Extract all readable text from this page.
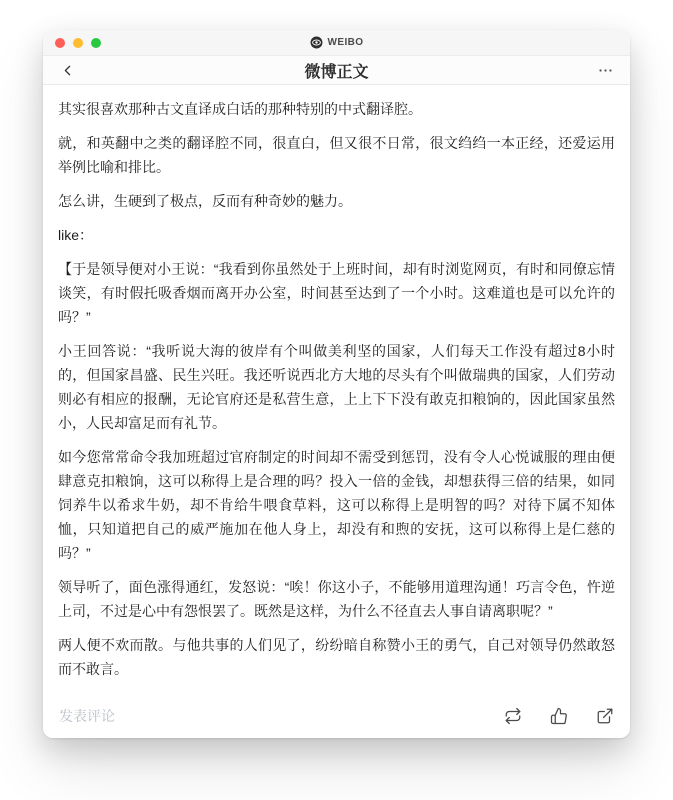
WEIBO
微博正文

其实很喜欢那种古文直译成白话的那种特别的中式翻译腔。

就，和英翻中之类的翻译腔不同，很直白，但又很不日常，很文绉绉一本正经，还爱运用举例比喻和排比。

怎么讲，生硬到了极点，反而有种奇妙的魅力。

like：

【于是领导便对小王说：“我看到你虽然处于上班时间，却有时浏览网页，有时和同僚忘情谈笑，有时假托吸香烟而离开办公室，时间甚至达到了一个小时。这难道也是可以允许的吗？”

小王回答说：“我听说大海的彼岸有个叫做美利坚的国家，人们每天工作没有超过8小时的，但国家昌盛、民生兴旺。我还听说西北方大地的尽头有个叫做瑞典的国家，人们劳动则必有相应的报酬，无论官府还是私营生意，上上下下没有敢克扣粮饷的，因此国家虽然小，人民却富足而有礼节。

如今您常常命令我加班超过官府制定的时间却不需受到惩罚，没有令人心悦诚服的理由便肆意克扣粮饷，这可以称得上是合理的吗？投入一倍的金钱，却想获得三倍的结果，如同饲养牛以希求牛奶，却不肯给牛喂食草料，这可以称得上是明智的吗？对待下属不知体恤，只知道把自己的威严施加在他人身上，却没有和煦的安抚，这可以称得上是仁慈的吗？”

领导听了，面色涨得通红，发怒说：“唉！你这小子，不能够用道理沟通！巧言令色，忤逆上司，不过是心中有怨恨罢了。既然是这样，为什么不径直去人事自请离职呢？”

两人便不欢而散。与他共事的人们见了，纷纷暗自称赞小王的勇气，自己对领导仍然敢怒而不敢言。

发表评论
